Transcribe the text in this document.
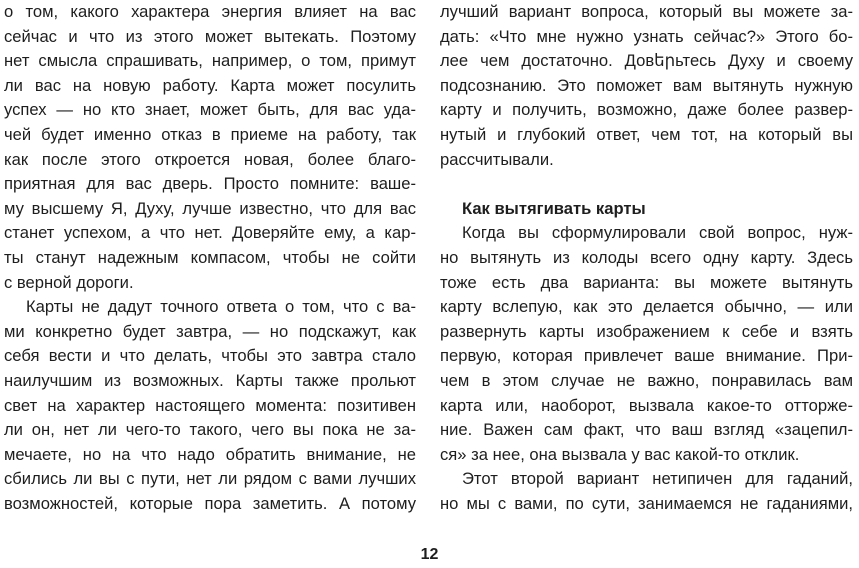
о том, какого характера энергия влияет на вас
сейчас и что из этого может вытекать. Поэтому
нет смысла спрашивать, например, о том, примут
ли вас на новую работу. Карта может посулить
успех — но кто знает, может быть, для вас уда-
чей будет именно отказ в приеме на работу, так
как после этого откроется новая, более благо-
приятная для вас дверь. Просто помните: ваше-
му высшему Я, Духу, лучше известно, что для вас
станет успехом, а что нет. Доверяйте ему, а кар-
ты станут надежным компасом, чтобы не сойти
с верной дороги.
Карты не дадут точного ответа о том, что с ва-
ми конкретно будет завтра, — но подскажут, как
себя вести и что делать, чтобы это завтра стало
наилучшим из возможных. Карты также прольют
свет на характер настоящего момента: позитивен
ли он, нет ли чего-то такого, чего вы пока не за-
мечаете, но на что надо обратить внимание, не
сбились ли вы с пути, нет ли рядом с вами лучших
возможностей, которые пора заметить. А потому
лучший вариант вопроса, который вы можете за-
дать: «Что мне нужно узнать сейчас?» Этого бо-
лее чем достаточно. Довերьтесь Духу и своему
подсознанию. Это поможет вам вытянуть нужную
карту и получить, возможно, даже более развер-
нутый и глубокий ответ, чем тот, на который вы
рассчитывали.
Как вытягивать карты
Когда вы сформулировали свой вопрос, нуж-
но вытянуть из колоды всего одну карту. Здесь
тоже есть два варианта: вы можете вытянуть
карту вслепую, как это делается обычно, — или
развернуть карты изображением к себе и взять
первую, которая привлечет ваше внимание. При-
чем в этом случае не важно, понравилась вам
карта или, наоборот, вызвала какое-то отторже-
ние. Важен сам факт, что ваш взгляд «зацепил-
ся» за нее, она вызвала у вас какой-то отклик.
Этот второй вариант нетипичен для гаданий,
но мы с вами, по сути, занимаемся не гаданиями,
12
